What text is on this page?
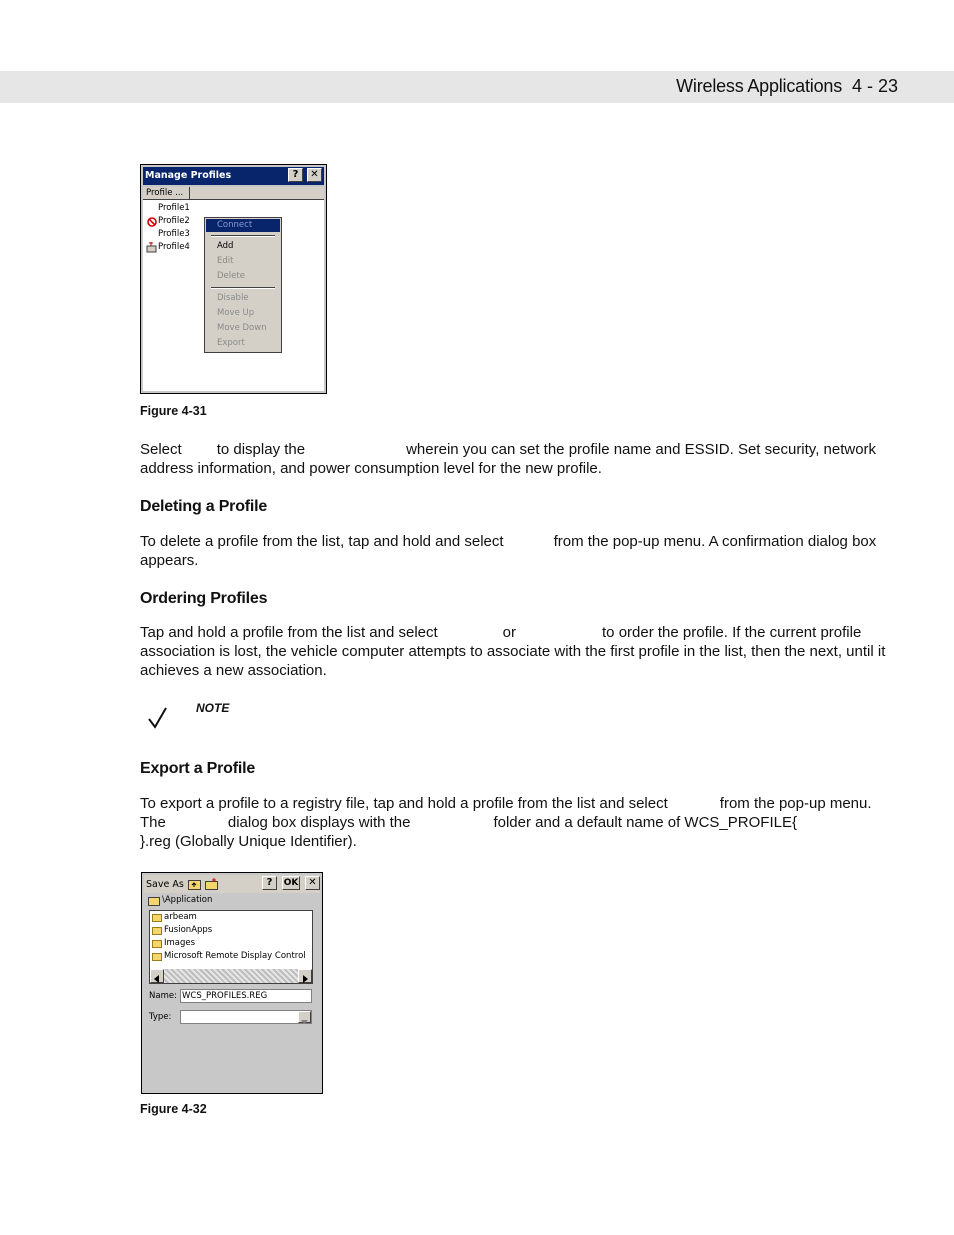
Wireless Applications 4 - 23
Manage Profiles	?	✕
Profile ...
Profile1
Profile2
Profile3
Profile4
Connect
Add
Edit
Delete
Disable
Move Up
Move Down
Export
Figure 4-31
Select to display the	wherein you can set the profile name and ESSID. Set security, network address information, and power consumption level for the new profile.
Deleting a Profile
To delete a profile from the list, tap and hold and select	from the pop-up menu. A confirmation dialog box appears.
Ordering Profiles
Tap and hold a profile from the list and select	or	to order the profile. If the current profile association is lost, the vehicle computer attempts to associate with the first profile in the list, then the next, until it achieves a new association.
NOTE
Export a Profile
To export a profile to a registry file, tap and hold a profile from the list and select	from the pop-up menu. The	dialog box displays with the	folder and a default name of WCS_PROFILE{}.reg (Globally Unique Identifier).
Save As	?	OK ✕
\Application
arbeam
FusionApps
Images
Microsoft Remote Display Control
Name:
WCS_PROFILES.REG
Type:
Figure 4-32
